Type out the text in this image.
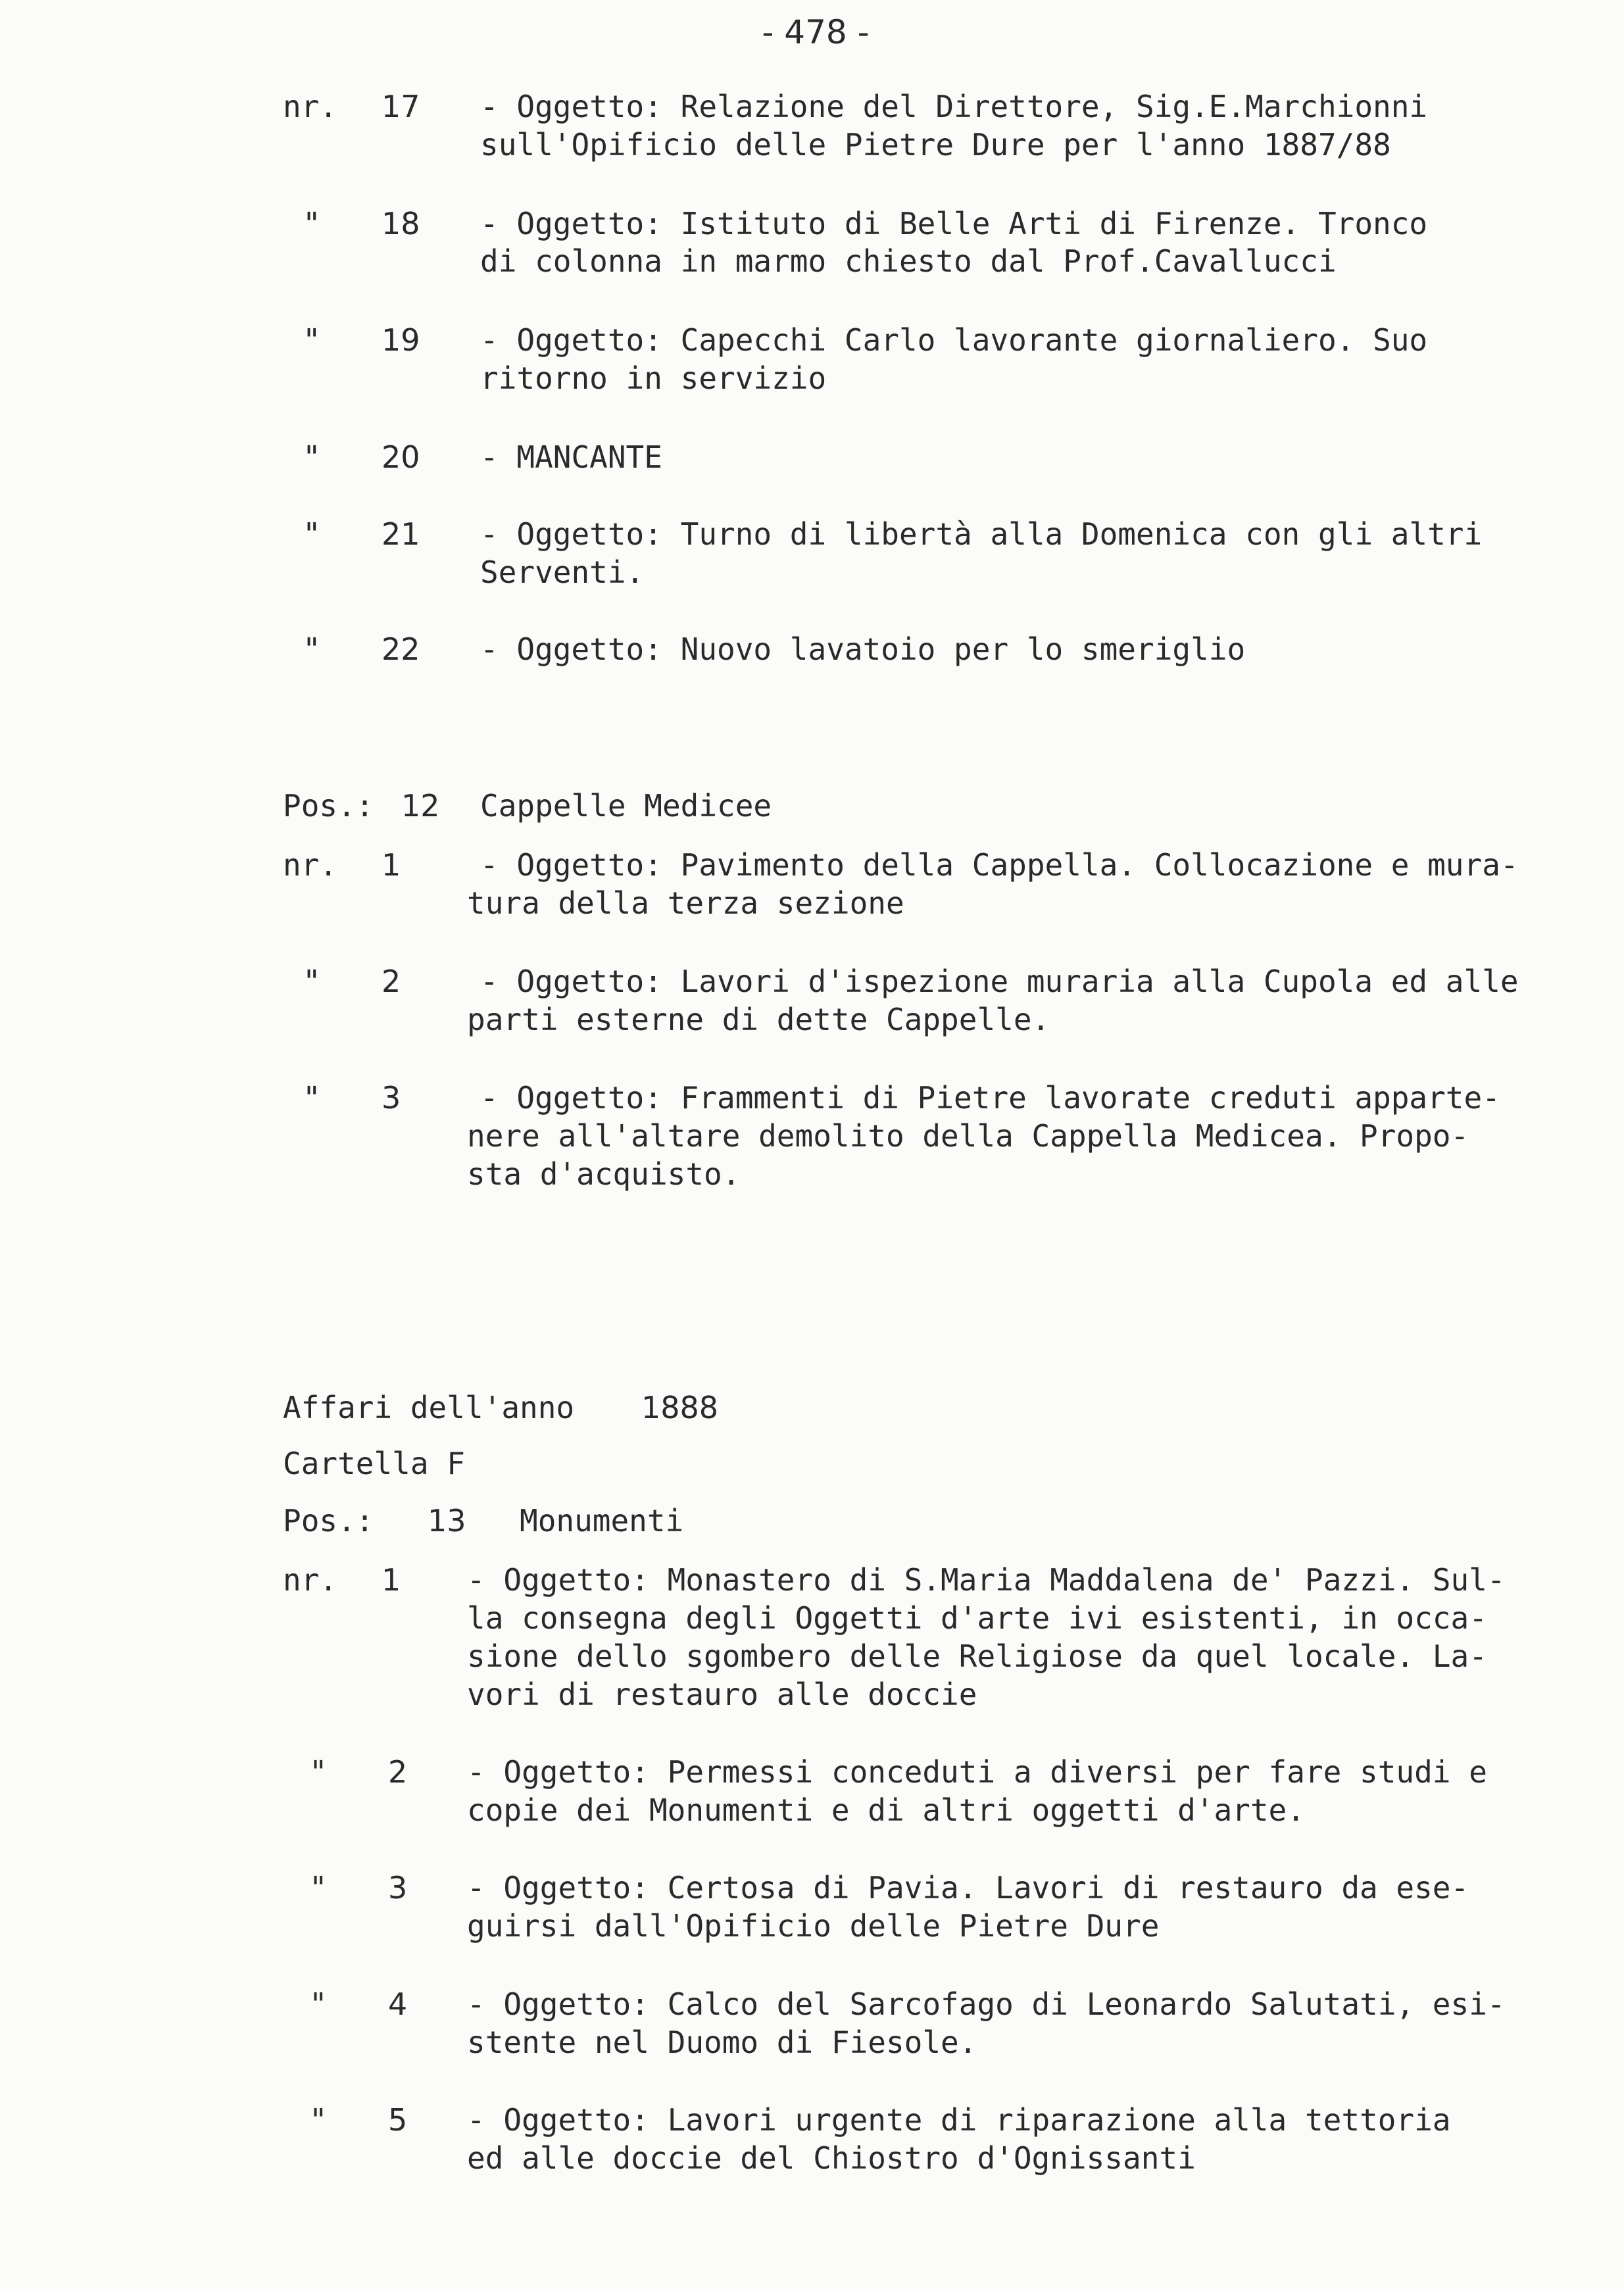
- 478 -
nr. 17 - Oggetto: Relazione del Direttore, Sig.E.Marchionni
sull'Opificio delle Pietre Dure per l'anno 1887/88
" 18 - Oggetto: Istituto di Belle Arti di Firenze. Tronco
di colonna in marmo chiesto dal Prof.Cavallucci
" 19 - Oggetto: Capecchi Carlo lavorante giornaliero. Suo
ritorno in servizio
" 20 - MANCANTE
" 21 - Oggetto: Turno di libertà alla Domenica con gli altri
Serventi.
" 22 - Oggetto: Nuovo lavatoio per lo smeriglio
Pos.: 12 Cappelle Medicee
nr. 1	- Oggetto: Pavimento della Cappella. Collocazione e mura-
tura della terza sezione
" 2	- Oggetto: Lavori d'ispezione muraria alla Cupola ed alle
parti esterne di dette Cappelle.
" 3	- Oggetto: Frammenti di Pietre lavorate creduti apparte-
nere all'altare demolito della Cappella Medicea. Propo-
sta d'acquisto.
Affari dell'anno 1888
Cartella F
Pos.: 13 Monumenti
nr. 1 - Oggetto: Monastero di S.Maria Maddalena de' Pazzi. Sul-
la consegna degli Oggetti d'arte ivi esistenti, in occa-
sione dello sgombero delle Religiose da quel locale. La-
vori di restauro alle doccie
" 2 - Oggetto: Permessi conceduti a diversi per fare studi e
copie dei Monumenti e di altri oggetti d'arte.
" 3 - Oggetto: Certosa di Pavia. Lavori di restauro da ese-
guirsi dall'Opificio delle Pietre Dure
" 4 - Oggetto: Calco del Sarcofago di Leonardo Salutati, esi-
stente nel Duomo di Fiesole.
" 5 - Oggetto: Lavori urgente di riparazione alla tettoria
ed alle doccie del Chiostro d'Ognissanti
